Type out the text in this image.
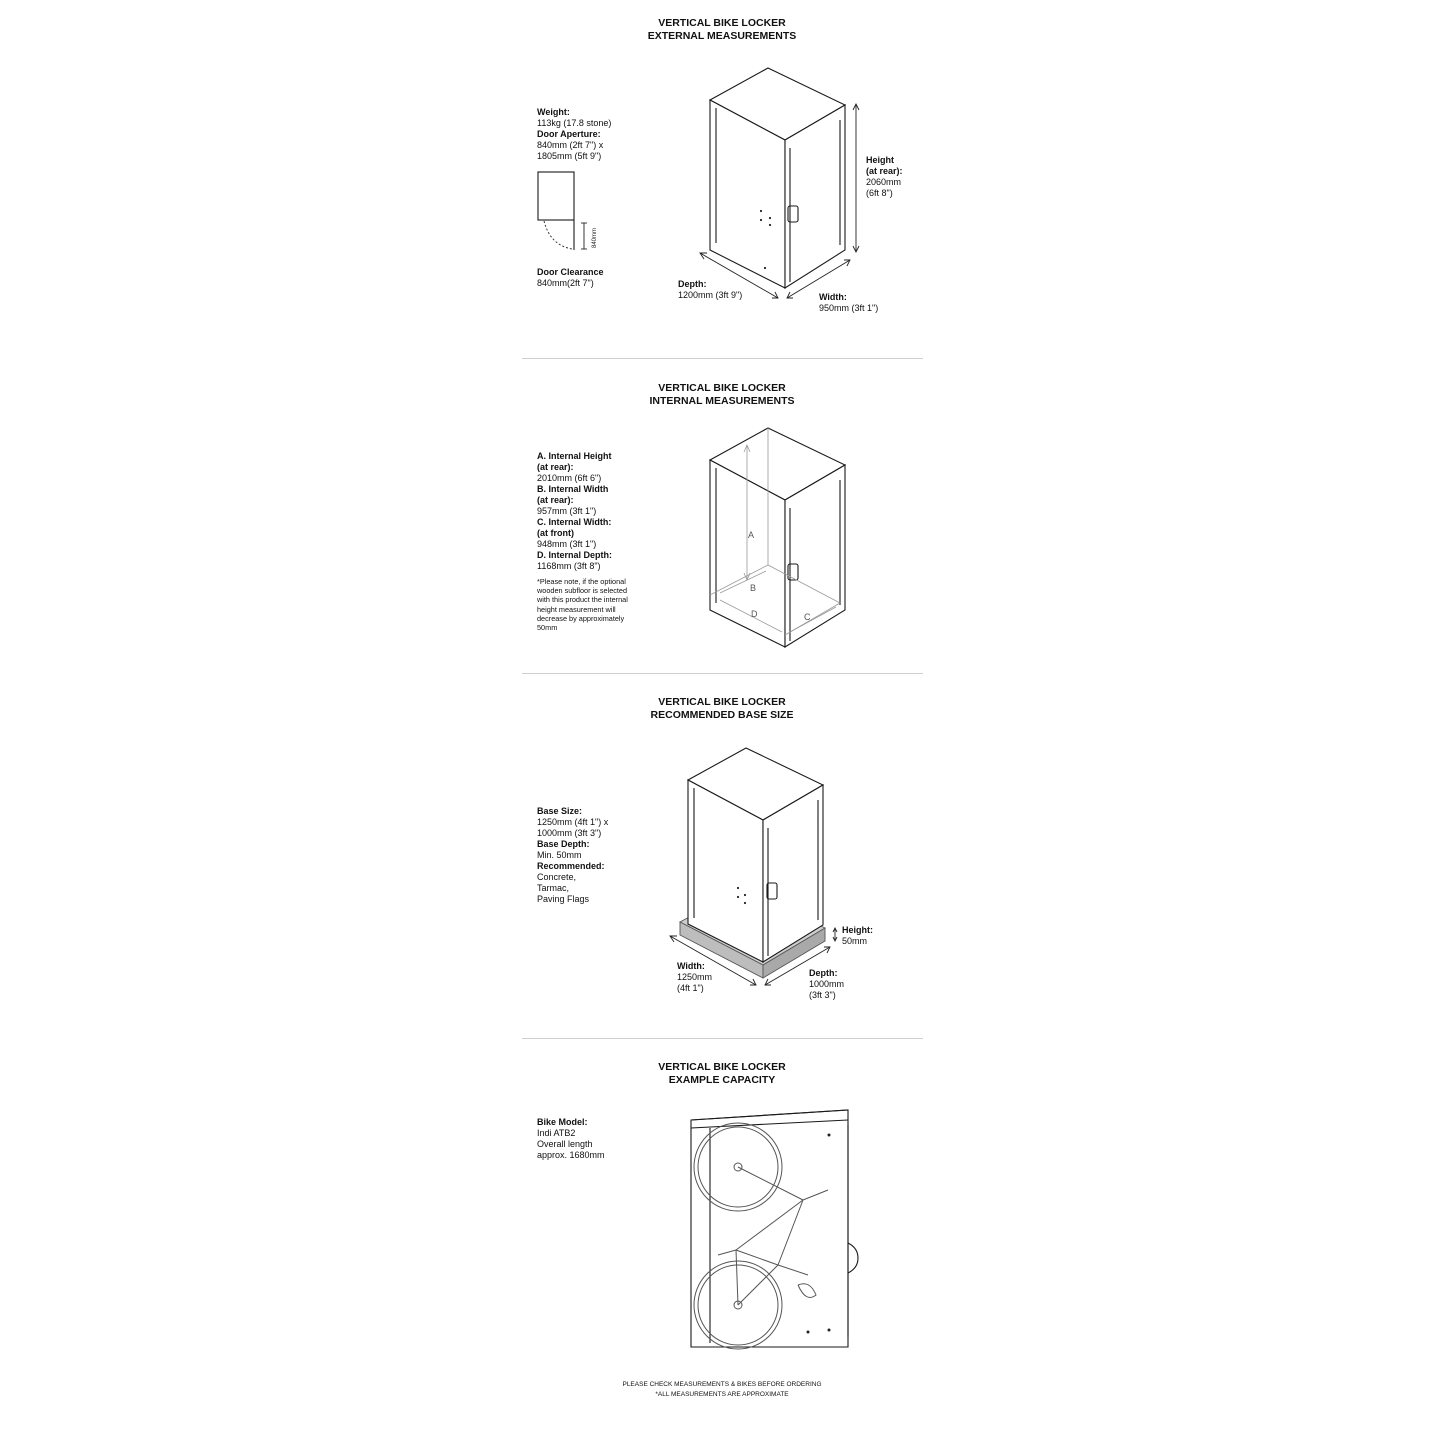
VERTICAL BIKE LOCKER
EXTERNAL MEASUREMENTS
Weight:
113kg (17.8 stone)
Door Aperture:
840mm (2ft 7") x
1805mm (5ft 9")
840mm
Door Clearance
840mm(2ft 7")
Height
(at rear):
2060mm
(6ft 8")
Depth:
1200mm (3ft 9")	Width:
950mm (3ft 1")
VERTICAL BIKE LOCKER
INTERNAL MEASUREMENTS
A. Internal Height
(at rear):
2010mm (6ft 6")
B. Internal Width
(at rear):
957mm (3ft 1")
C. Internal Width:
(at front)
948mm (3ft 1")
D. Internal Depth:
1168mm (3ft 8")
*Please note, if the optional wooden subfloor is selected with this product the internal height measurement will decrease by approximately 50mm
A
B
C
D
VERTICAL BIKE LOCKER
RECOMMENDED BASE SIZE
Base Size:
1250mm (4ft 1") x
1000mm (3ft 3")
Base Depth:
Min. 50mm
Recommended:
Concrete,
Tarmac,
Paving Flags
Height:
50mm
Width:
1250mm
(4ft 1")
Depth:
1000mm
(3ft 3")
VERTICAL BIKE LOCKER
EXAMPLE CAPACITY
Bike Model:
Indi ATB2
Overall length
approx. 1680mm
PLEASE CHECK MEASUREMENTS & BIKES BEFORE ORDERING
*ALL MEASUREMENTS ARE APPROXIMATE
